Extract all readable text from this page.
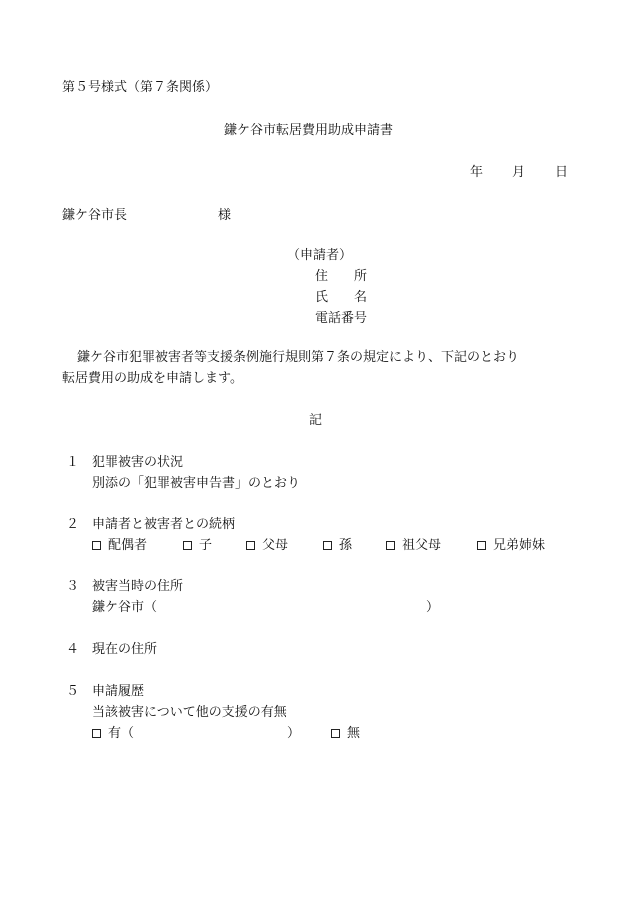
第５号様式（第７条関係）
鎌ケ谷市転居費用助成申請書
年 月 日
鎌ケ谷市長	様
（申請者）
住　　所
氏　　名
電話番号
鎌ケ谷市犯罪被害者等支援条例施行規則第７条の規定により、下記のとおり
転居費用の助成を申請します。
記
１ 犯罪被害の状況
別添の「犯罪被害申告書」のとおり
２ 申請者と被害者との続柄
配偶者	子	父母	孫	祖父母	兄弟姉妹
３ 被害当時の住所
鎌ケ谷市（	）
４ 現在の住所
５ 申請履歴
当該被害について他の支援の有無
有（	）	無
